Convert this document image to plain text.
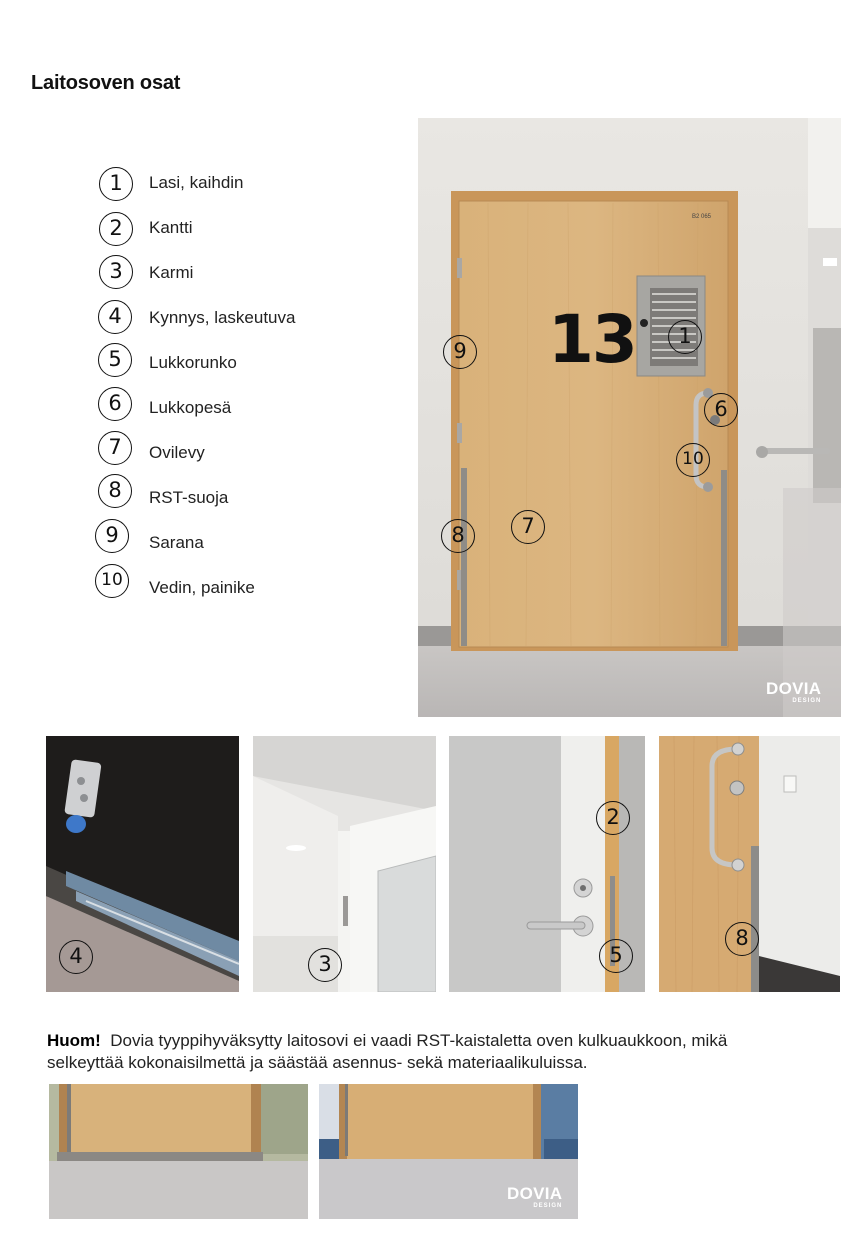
Laitosoven osat
1	Lasi, kaihdin
2	Kantti
3	Karmi
4	Kynnys, laskeutuva
5	Lukkorunko
6	Lukkopesä
7	Ovilevy
8	RST-suoja
9	Sarana
10	Vedin, painike
13
B2 065
1
6
10
9
7
8
DOVIA
DESIGN
4	3
2
5
8
Huom! Dovia tyyppihyväksytty laitosovi ei vaadi RST-kaistaletta oven kulkuaukkoon, mikä selkeyttää kokonaisilmettä ja säästää asennus- sekä materiaalikuluissa.
DOVIA
DESIGN
